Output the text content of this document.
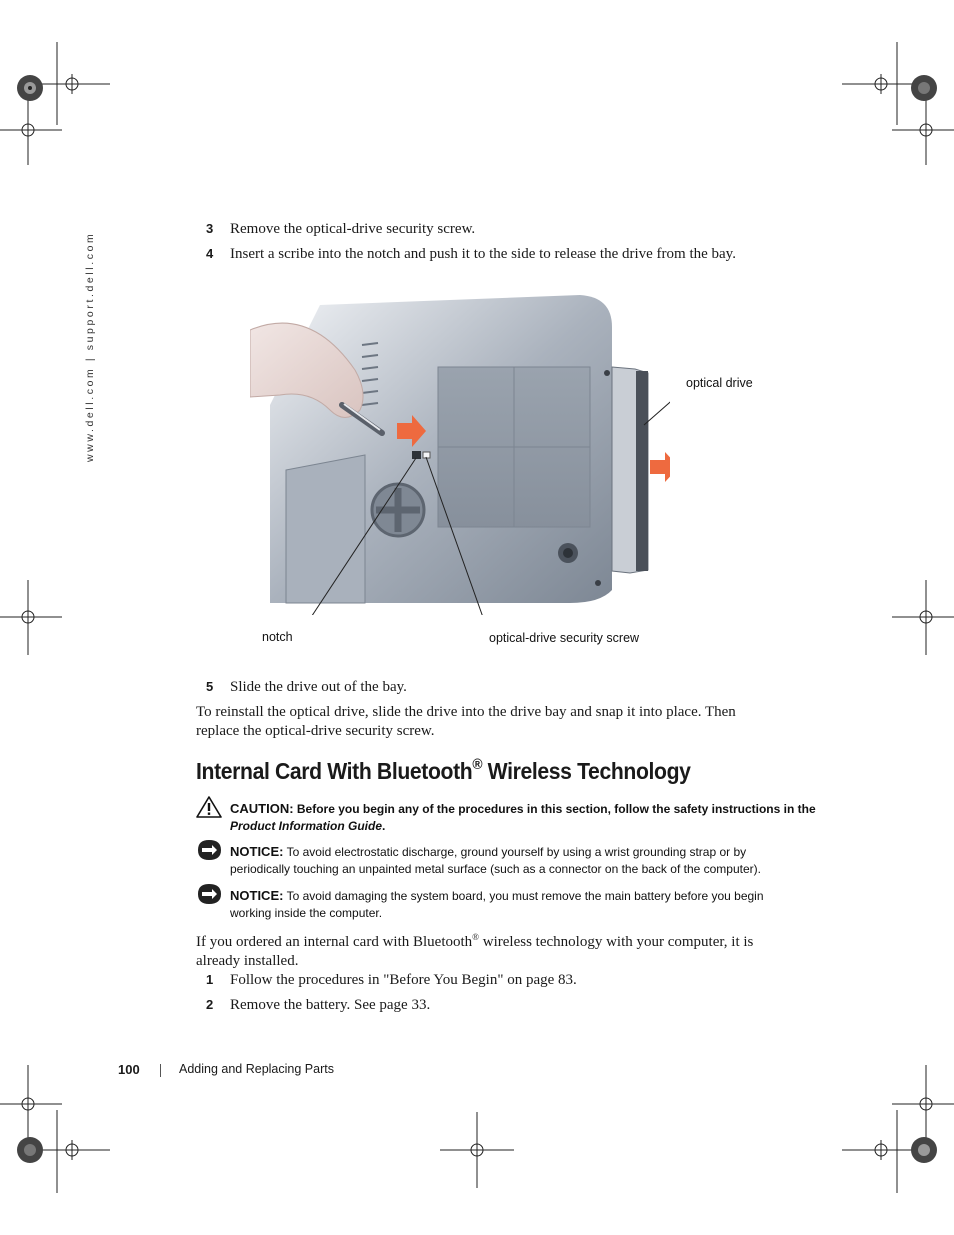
www.dell.com | support.dell.com
3	Remove the optical-drive security screw.
4	Insert a scribe into the notch and push it to the side to release the drive from the bay.
optical drive
notch	optical-drive security screw
5	Slide the drive out of the bay.
To reinstall the optical drive, slide the drive into the drive bay and snap it into place. Then
replace the optical-drive security screw.
Internal Card With Bluetooth® Wireless Technology
CAUTION: Before you begin any of the procedures in this section, follow the safety instructions in the
Product Information Guide.
NOTICE: To avoid electrostatic discharge, ground yourself by using a wrist grounding strap or by
periodically touching an unpainted metal surface (such as a connector on the back of the computer).
NOTICE: To avoid damaging the system board, you must remove the main battery before you begin
working inside the computer.
If you ordered an internal card with Bluetooth® wireless technology with your computer, it is
already installed.
1	Follow the procedures in "Before You Begin" on page 83.
2	Remove the battery. See page 33.
100	Adding and Replacing Parts
